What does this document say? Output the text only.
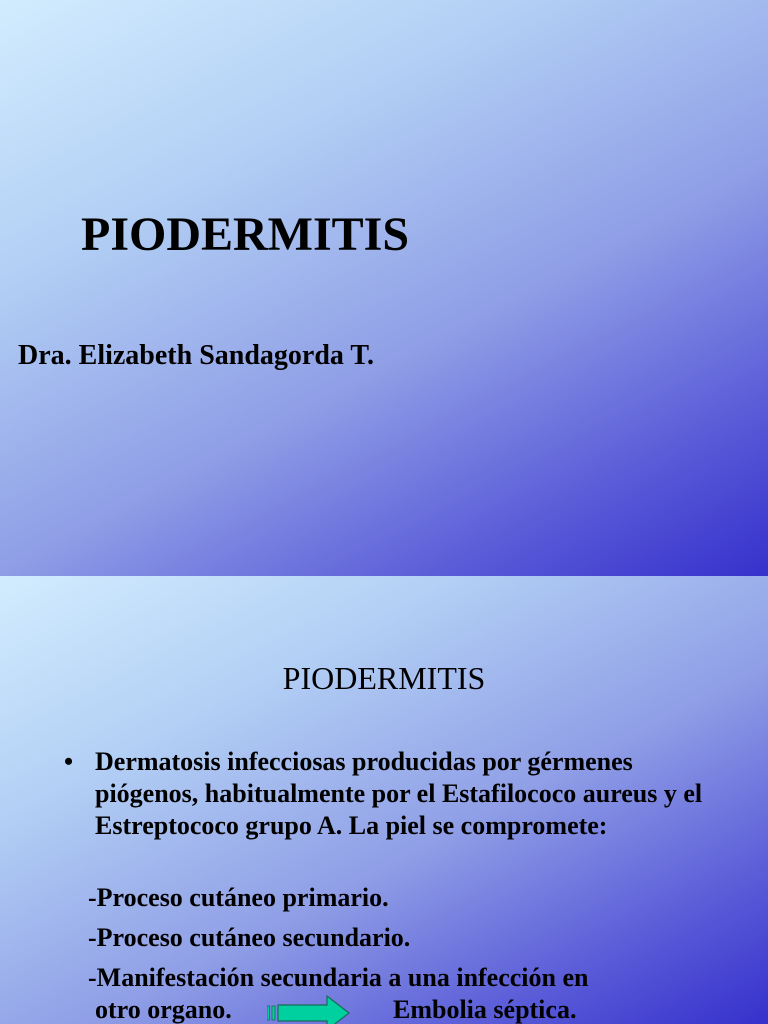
PIODERMITIS

Dra. Elizabeth Sandagorda T.

PIODERMITIS
• Dermatosis infecciosas producidas por gérmenes piógenos, habitualmente por el Estafilococo aureus y el Estreptococo grupo A. La piel se compromete:

-Proceso cutáneo primario.

-Proceso cutáneo secundario.

-Manifestación secundaria a una infección en

otro organo.	Embolia séptica.
